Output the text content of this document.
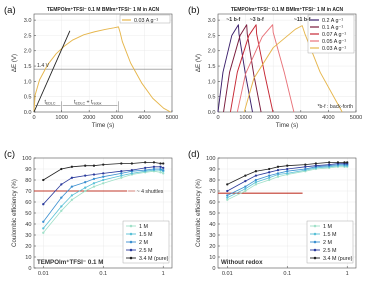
0.0
0.5
1.0
1.5
2.0
2.5
3.0
0	1000	2000	3000	4000	5000
Time (s)
ΔE (V)
(a)	TEMPOlm⁺TFSI⁻ 0.1 M BMIm⁺TFSI⁻ 1 M in ACN
0.03 A g⁻¹
1.4 V
$t_{EDLC}$	$t_{EDLC} + t_{redox}$
0.0
0.5
1.0
1.5
2.0
2.5
3.0
0	1000	2000	3000	4000	5000
Time (s)
ΔE (V)
(b)	TEMPOlm⁺TFSI⁻ 0.1 M BMIm⁺TFSI⁻ 1 M in ACN
0.2 A g⁻¹
0.1 A g⁻¹
0.07 A g⁻¹
0.05 A g⁻¹
0.03 A g⁻¹
~1 b-f ~3 b-f	~11 b-f
*b-f : back-forth
0
10
20
30
40
50
60
70
80
90
100
0.01	0.1	1
Coulombic efficiency (%)
(c)
1 M
1.5 M
2 M
2.5 M
3.4 M (pure)
~ 4 shuttles
TEMPOlm⁺TFSI⁻ 0.1 M
0
10
20
30
40
50
60
70
80
90
100
0.01	0.1	1
Coulombic efficiency (%)
(d)
1 M
1.5 M
2 M
2.5 M
3.4 M (pure)
Without redox
